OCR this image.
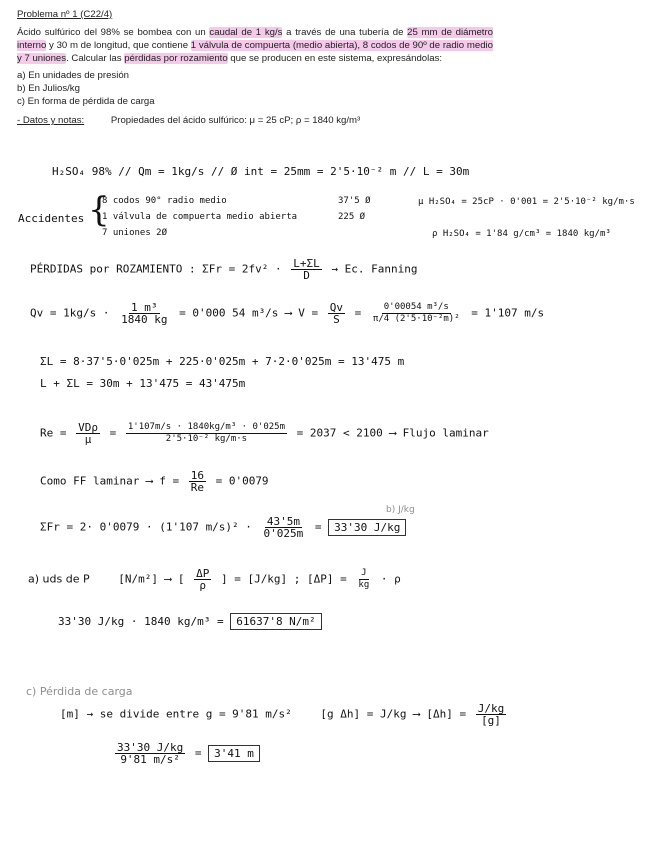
Problema nº 1 (C22/4)

Ácido sulfúrico del 98% se bombea con un caudal de 1 kg/s a través de una tubería de 25 mm de diámetro interno y 30 m de longitud, que contiene 1 válvula de compuerta (medio abierta), 8 codos de 90º de radio medio y 7 uniones. Calcular las pérdidas por rozamiento que se producen en este sistema, expresándolas:

a) En unidades de presión

b) En Julios/kg

c) En forma de pérdida de carga

- Datos y notas:	Propiedades del ácido sulfúrico: μ = 25 cP; ρ = 1840 kg/m³

H₂SO₄ 98% // Qm = 1kg/s // Ø int = 25mm = 2'5·10⁻² m // L = 30m
Accidentes {
8 codos 90° radio medio	37'5 Ø
1 válvula de compuerta medio abierta	225 Ø
7 uniones 2Ø
μ H₂SO₄ = 25cP · 0'001 = 2'5·10⁻² kg/m·s
ρ H₂SO₄ = 1'84 g/cm³ = 1840 kg/m³
PÉRDIDAS por ROZAMIENTO : $\Sigma Fr = 2fv^2 \cdot \frac{L+\Sigma L}{D} \to Ec$. Fanning
$Qv = 1kg/s \cdot \frac{\text{1 m³}}{1840 kg} = 0'000$ 54 m³/s ⟶ $V = \frac{Qv}{S} = \frac{\text{0'00054 m³/s}}{\text{π/4 (2'5·10⁻²m)²}} = 1'107$ m/s
ΣL = 8·37'5·0'025m + 225·0'025m + 7·2·0'025m = 13'475 m
L + ΣL = 30m + 13'475 = 43'475m
$Re = \frac{\text{VDρ}}{\mu} = \frac{\text{1'107m/s · 1840kg/m³ · 0'025m}}{\text{2'5·10⁻² kg/m·s}} = 2037 < 2100$ ⟶ Flujo laminar
Como FF laminar ⟶ $f = \frac{16}{Re} = 0'0079$
b) J/kg
ΣFr = 2· 0'0079 · (1'107 $m/s)^2 \cdot \frac{43'5m}{0'025m} = 33'30$ J/kg
a) uds de P	[N/m²] ⟶ [ $\frac{\Delta P}{\rho}$ ] = [J/kg] ; $[\Delta P] = \frac{J}{kg} \cdot \rho$
33'30 J/kg · 1840 kg/m³ = 61637'8 N/m²
c) Pérdida de carga
[m] → se divide entre g = 9'81 m/s²	[g Δh] = J/kg ⟶ $[\Delta h] = \frac{J/kg}{[g]}$
$\frac{33'30 J/kg}{\text{9'81 m/s²}} = 3'41$ m
